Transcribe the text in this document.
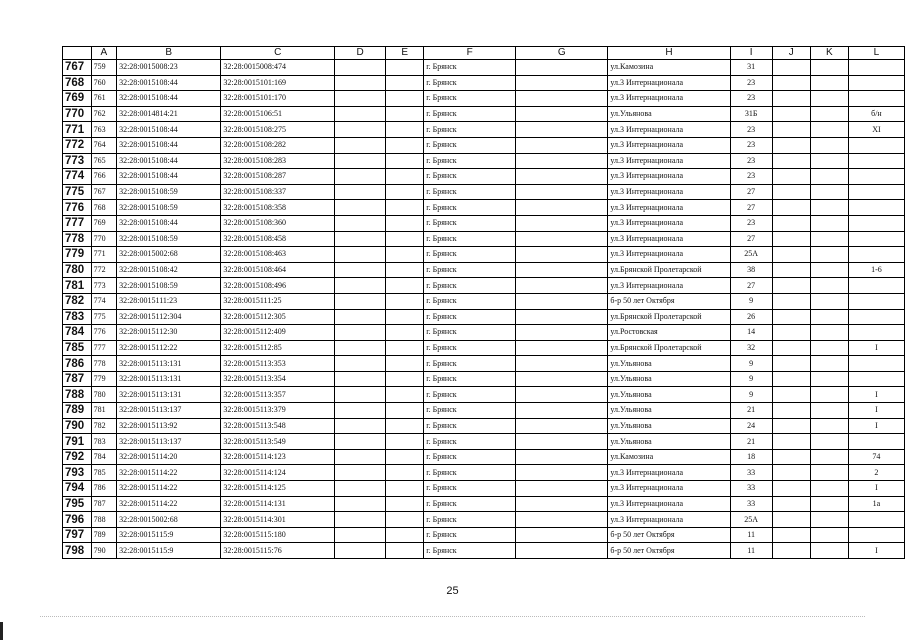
	A	B	C	D	E	F	G	H	I	J	K	L
767	759	32:28:0015008:23	32:28:0015008:474			г. Брянск		ул.Камозина	31			
768	760	32:28:0015108:44	32:28:0015101:169			г. Брянск		ул.3 Интернационала	23			
769	761	32:28:0015108:44	32:28:0015101:170			г. Брянск		ул.3 Интернационала	23			
770	762	32:28:0014814:21	32:28:0015106:51			г. Брянск		ул.Ульянова	31Б			б/н
771	763	32:28:0015108:44	32:28:0015108:275			г. Брянск		ул.3 Интернационала	23			XI
772	764	32:28:0015108:44	32:28:0015108:282			г. Брянск		ул.3 Интернационала	23			
773	765	32:28:0015108:44	32:28:0015108:283			г. Брянск		ул.3 Интернационала	23			
774	766	32:28:0015108:44	32:28:0015108:287			г. Брянск		ул.3 Интернационала	23			
775	767	32:28:0015108:59	32:28:0015108:337			г. Брянск		ул.3 Интернационала	27			
776	768	32:28:0015108:59	32:28:0015108:358			г. Брянск		ул.3 Интернационала	27			
777	769	32:28:0015108:44	32:28:0015108:360			г. Брянск		ул.3 Интернационала	23			
778	770	32:28:0015108:59	32:28:0015108:458			г. Брянск		ул.3 Интернационала	27			
779	771	32:28:0015002:68	32:28:0015108:463			г. Брянск		ул.3 Интернационала	25А			
780	772	32:28:0015108:42	32:28:0015108:464			г. Брянск		ул.Брянской Пролетарской	38			1-6
781	773	32:28:0015108:59	32:28:0015108:496			г. Брянск		ул.3 Интернационала	27			
782	774	32:28:0015111:23	32:28:0015111:25			г. Брянск		б-р 50 лет Октября	9			
783	775	32:28:0015112:304	32:28:0015112:305			г. Брянск		ул.Брянской Пролетарской	26			
784	776	32:28:0015112:30	32:28:0015112:409			г. Брянск		ул.Ростовская	14			
785	777	32:28:0015112:22	32:28:0015112:85			г. Брянск		ул.Брянской Пролетарской	32			I
786	778	32:28:0015113:131	32:28:0015113:353			г. Брянск		ул.Ульянова	9			
787	779	32:28:0015113:131	32:28:0015113:354			г. Брянск		ул.Ульянова	9			
788	780	32:28:0015113:131	32:28:0015113:357			г. Брянск		ул.Ульянова	9			I
789	781	32:28:0015113:137	32:28:0015113:379			г. Брянск		ул.Ульянова	21			I
790	782	32:28:0015113:92	32:28:0015113:548			г. Брянск		ул.Ульянова	24			I
791	783	32:28:0015113:137	32:28:0015113:549			г. Брянск		ул.Ульянова	21			
792	784	32:28:0015114:20	32:28:0015114:123			г. Брянск		ул.Камозина	18			74
793	785	32:28:0015114:22	32:28:0015114:124			г. Брянск		ул.3 Интернационала	33			2
794	786	32:28:0015114:22	32:28:0015114:125			г. Брянск		ул.3 Интернационала	33			I
795	787	32:28:0015114:22	32:28:0015114:131			г. Брянск		ул.3 Интернационала	33			1а
796	788	32:28:0015002:68	32:28:0015114:301			г. Брянск		ул.3 Интернационала	25А			
797	789	32:28:0015115:9	32:28:0015115:180			г. Брянск		б-р 50 лет Октября	11			
798	790	32:28:0015115:9	32:28:0015115:76			г. Брянск		б-р 50 лет Октября	11			I
25
